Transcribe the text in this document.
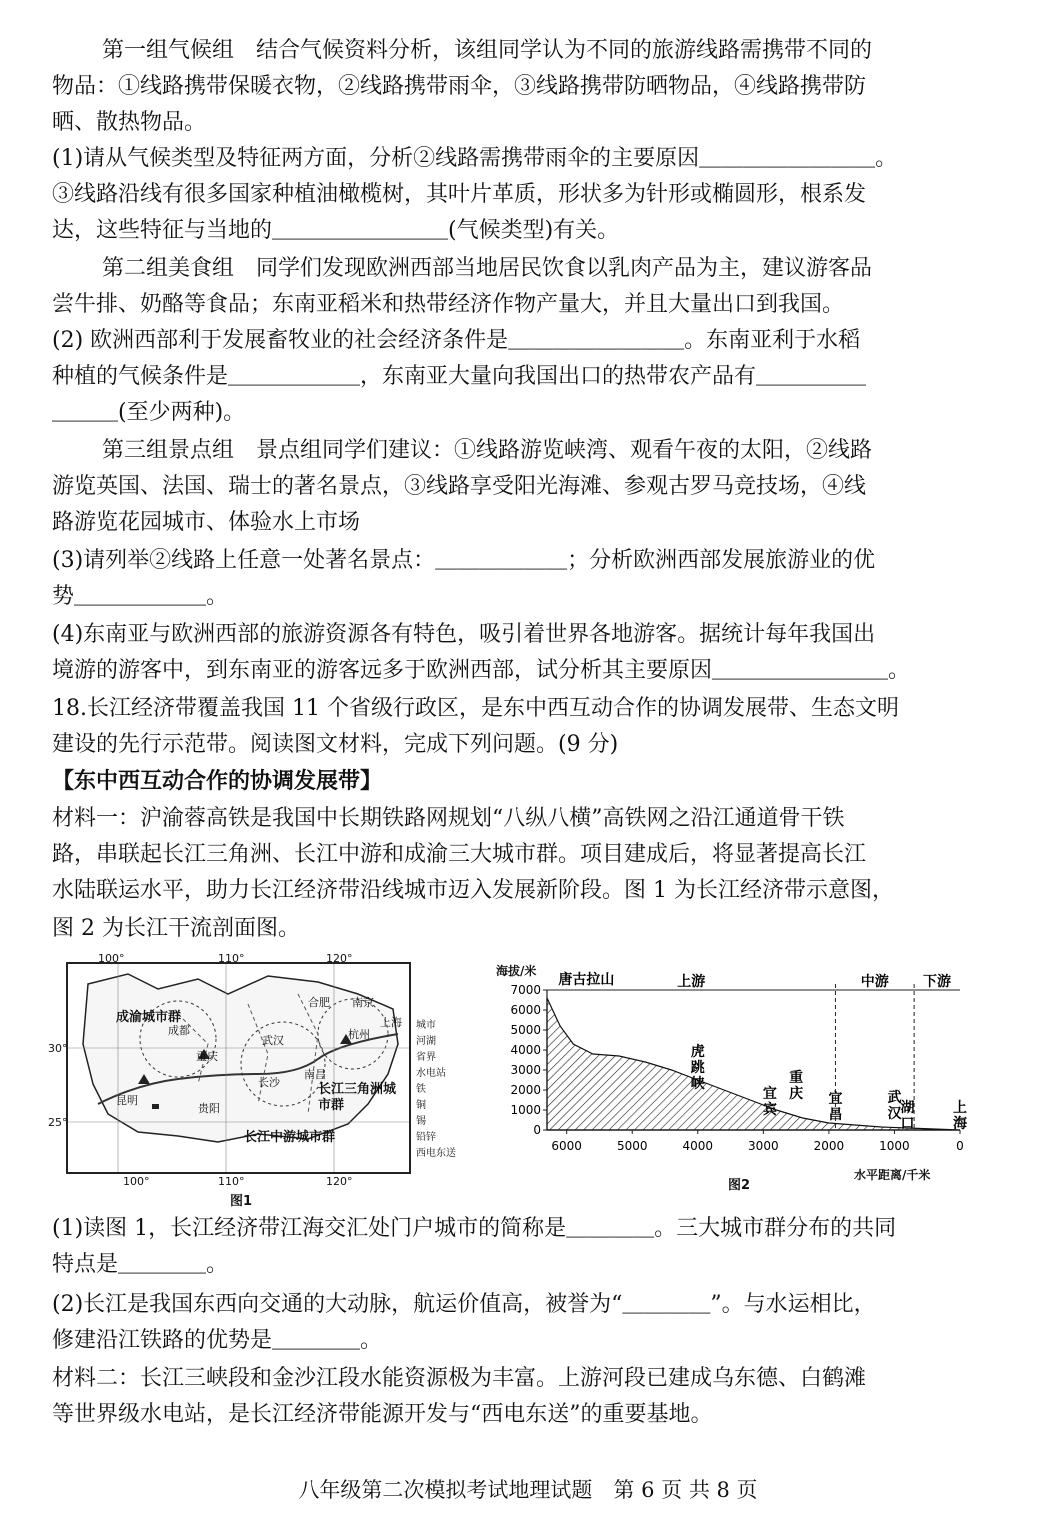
第一组气候组　结合气候资料分析，该组同学认为不同的旅游线路需携带不同的
物品：①线路携带保暖衣物，②线路携带雨伞，③线路携带防晒物品，④线路携带防
晒、散热物品。
(1)请从气候类型及特征两方面，分析②线路需携带雨伞的主要原因＿＿＿＿＿＿＿＿。
③线路沿线有很多国家种植油橄榄树，其叶片革质，形状多为针形或椭圆形，根系发
达，这些特征与当地的＿＿＿＿＿＿＿＿(气候类型)有关。
第二组美食组　同学们发现欧洲西部当地居民饮食以乳肉产品为主，建议游客品
尝牛排、奶酪等食品；东南亚稻米和热带经济作物产量大，并且大量出口到我国。
(2) 欧洲西部利于发展畜牧业的社会经济条件是＿＿＿＿＿＿＿＿。东南亚利于水稻
种植的气候条件是＿＿＿＿＿＿，东南亚大量向我国出口的热带农产品有＿＿＿＿＿
＿＿＿(至少两种)。
第三组景点组　景点组同学们建议：①线路游览峡湾、观看午夜的太阳，②线路
游览英国、法国、瑞士的著名景点，③线路享受阳光海滩、参观古罗马竞技场，④线
路游览花园城市、体验水上市场
(3)请列举②线路上任意一处著名景点：＿＿＿＿＿＿；分析欧洲西部发展旅游业的优
势＿＿＿＿＿＿。
(4)东南亚与欧洲西部的旅游资源各有特色，吸引着世界各地游客。据统计每年我国出
境游的游客中，到东南亚的游客远多于欧洲西部，试分析其主要原因＿＿＿＿＿＿＿＿。
18.长江经济带覆盖我国 11 个省级行政区，是东中西互动合作的协调发展带、生态文明
建设的先行示范带。阅读图文材料，完成下列问题。(9 分)
【东中西互动合作的协调发展带】
材料一：沪渝蓉高铁是我国中长期铁路网规划“八纵八横”高铁网之沿江通道骨干铁
路，串联起长江三角洲、长江中游和成渝三大城市群。项目建成后，将显著提高长江
水陆联运水平，助力长江经济带沿线城市迈入发展新阶段。图 1 为长江经济带示意图，
图 2 为长江干流剖面图。
100°	110°	120°
30°
25°
成渝城市群
长江三角洲城市群
长江中游城市群
成都
重庆
昆明
贵阳
长沙
武汉
南昌
合肥 南京
杭州
上海
100°	110°	120°
图1
城市
河湖
省界
水电站
铁
铜
锡
铅锌
西电东送
7000
6000
5000
4000
3000
2000
1000
0
6000	5000	4000	3000	2000	1000	0
上游	中游 下游
唐古拉山
虎跳峡	重庆
宜宾
宜昌
武汉 湖口
上海
海拔/米
水平距离/千米
图2
(1)读图 1，长江经济带江海交汇处门户城市的简称是＿＿＿＿。三大城市群分布的共同
特点是＿＿＿＿。
(2)长江是我国东西向交通的大动脉，航运价值高，被誉为“＿＿＿＿”。与水运相比，
修建沿江铁路的优势是＿＿＿＿。
材料二：长江三峡段和金沙江段水能资源极为丰富。上游河段已建成乌东德、白鹤滩
等世界级水电站，是长江经济带能源开发与“西电东送”的重要基地。
八年级第二次模拟考试地理试题　第 6 页 共 8 页
